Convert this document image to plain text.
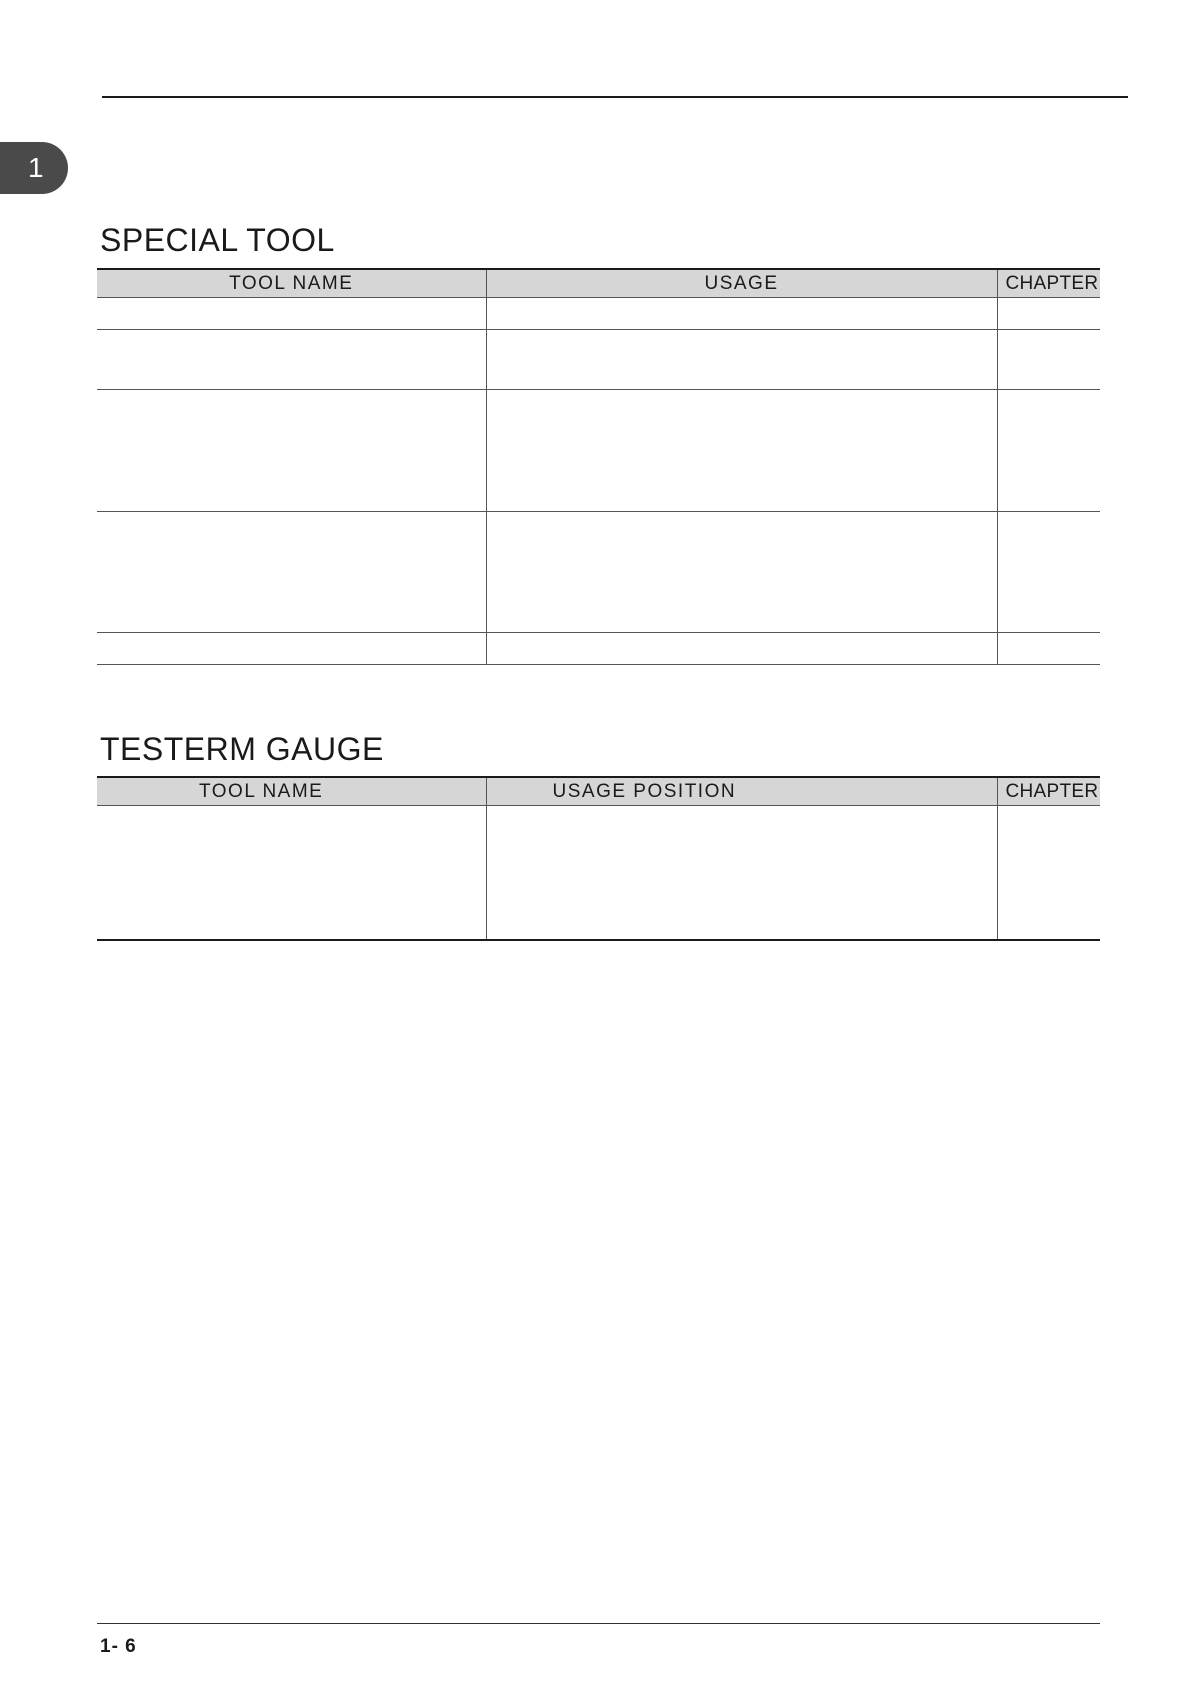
1
SPECIAL TOOL
TOOL NAME	USAGE	CHAPTER

TESTERM GAUGE
TOOL NAME	USAGE POSITION	CHAPTER

1- 6
